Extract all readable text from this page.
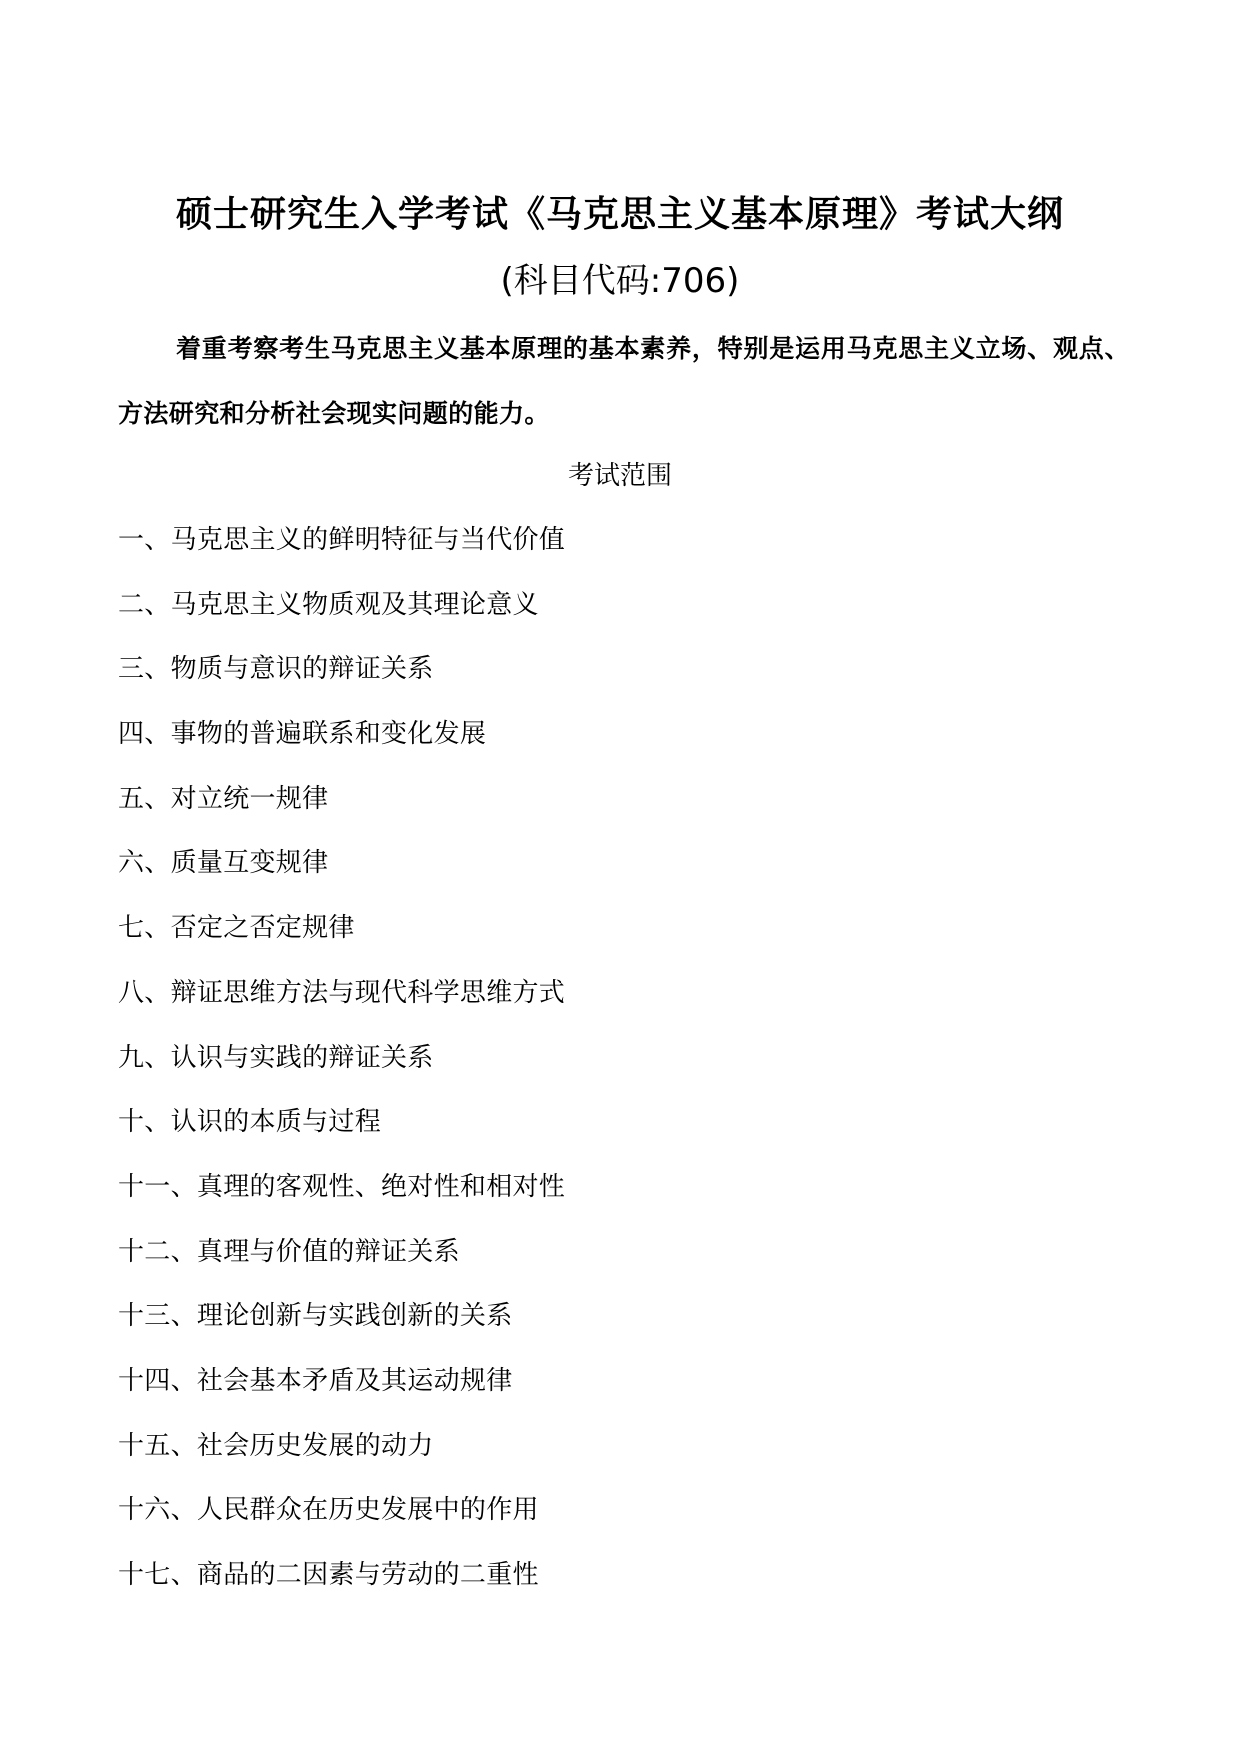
硕士研究生入学考试《马克思主义基本原理》考试大纲
(科目代码:706)
着重考察考生马克思主义基本原理的基本素养，特别是运用马克思主义立场、观点、方法研究和分析社会现实问题的能力。
考试范围
一、马克思主义的鲜明特征与当代价值
二、马克思主义物质观及其理论意义
三、物质与意识的辩证关系
四、事物的普遍联系和变化发展
五、对立统一规律
六、质量互变规律
七、否定之否定规律
八、辩证思维方法与现代科学思维方式
九、认识与实践的辩证关系
十、认识的本质与过程
十一、真理的客观性、绝对性和相对性
十二、真理与价值的辩证关系
十三、理论创新与实践创新的关系
十四、社会基本矛盾及其运动规律
十五、社会历史发展的动力
十六、人民群众在历史发展中的作用
十七、商品的二因素与劳动的二重性
